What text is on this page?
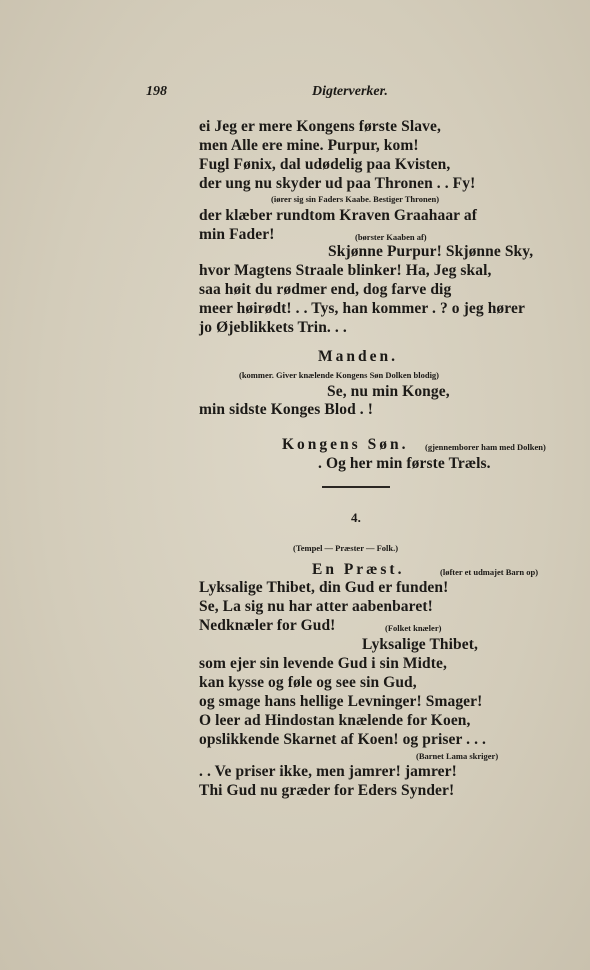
198	Digterverker.
ei Jeg er mere Kongens første Slave,
men Alle ere mine. Purpur, kom!
Fugl Fønix, dal udødelig paa Kvisten,
der ung nu skyder ud paa Thronen . . Fy!
(iører sig sin Faders Kaabe. Bestiger Thronen)
der klæber rundtom Kraven Graahaar af
min Fader!	(børster Kaaben af)
Skjønne Purpur! Skjønne Sky,
hvor Magtens Straale blinker! Ha, Jeg skal,
saa høit du rødmer end, dog farve dig
meer høirødt! . . Tys, han kommer . ? o jeg hører
jo Øjeblikkets Trin. . .
Manden.
(kommer. Giver knælende Kongens Søn Dolken blodig)
Se, nu min Konge,
min sidste Konges Blod . !
Kongens Søn. (gjennemborer ham med Dolken)
. Og her min første Træls.
4.
(Tempel — Præster — Folk.)
En Præst.	(løfter et udmajet Barn op)
Lyksalige Thibet, din Gud er funden!
Se, La sig nu har atter aabenbaret!
Nedknæler for Gud!	(Folket knæler)
Lyksalige Thibet,
som ejer sin levende Gud i sin Midte,
kan kysse og føle og see sin Gud,
og smage hans hellige Levninger! Smager!
O leer ad Hindostan knælende for Koen,
opslikkende Skarnet af Koen! og priser . . .
(Barnet Lama skriger)
. . Ve priser ikke, men jamrer! jamrer!
Thi Gud nu græder for Eders Synder!
